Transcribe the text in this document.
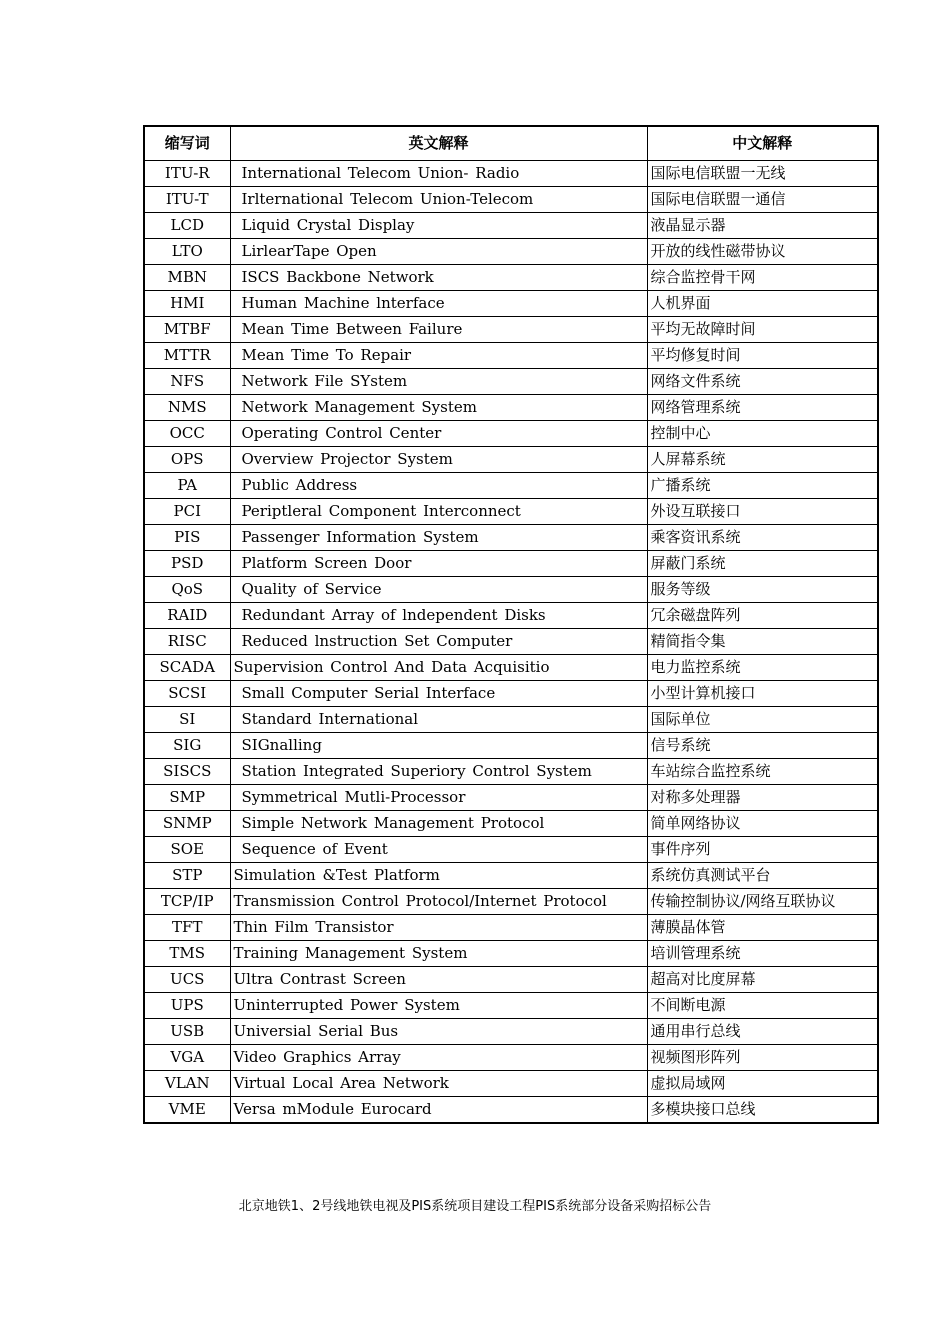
缩写词	英文解释	中文解释
ITU-R	International Telecom Union- Radio	国际电信联盟一无线
ITU-T	Irlternational Telecom Union-Telecom	国际电信联盟一通信
LCD	Liquid Crystal Display	液晶显示器
LTO	LirlearTape Open	开放的线性磁带协议
MBN	ISCS Backbone Network	综合监控骨干网
HMI	Human Machine lnterface	人机界面
MTBF	Mean Time Between Failure	平均无故障时间
MTTR	Mean Time To Repair	平均修复时间
NFS	Network File SYstem	网络文件系统
NMS	Network Management System	网络管理系统
OCC	Operating Control Center	控制中心
OPS	Overview Projector System	人屏幕系统
PA	Public Address	广播系统
PCI	Periptleral Component Interconnect	外设互联接口
PIS	Passenger Information System	乘客资讯系统
PSD	Platform Screen Door	屏蔽门系统
QoS	Quality of Service	服务等级
RAID	Redundant Array of lndependent Disks	冗余磁盘阵列
RISC	Reduced lnstruction Set Computer	精简指令集
SCADA	Supervision Control And Data Acquisitio	电力监控系统
SCSI	Small Computer Serial Interface	小型计算机接口
SI	Standard International	国际单位
SIG	SIGnalling	信号系统
SISCS	Station Integrated Superiory Control System	车站综合监控系统
SMP	Symmetrical Mutli-Processor	对称多处理器
SNMP	Simple Network Management Protocol	简单网络协议
SOE	Sequence of Event	事件序列
STP	Simulation &Test Platform	系统仿真测试平台
TCP/IP	Transmission Control Protocol/Internet Protocol	传输控制协议/网络互联协议
TFT	Thin Film Transistor	薄膜晶体管
TMS	Training Management System	培训管理系统
UCS	Ultra Contrast Screen	超高对比度屏幕
UPS	Uninterrupted Power System	不间断电源
USB	Universial Serial Bus	通用串行总线
VGA	Video Graphics Array	视频图形阵列
VLAN	Virtual Local Area Network	虚拟局域网
VME	Versa mModule Eurocard	多模块接口总线
北京地铁1、2号线地铁电视及PIS系统项目建设工程PIS系统部分设备采购招标公告
